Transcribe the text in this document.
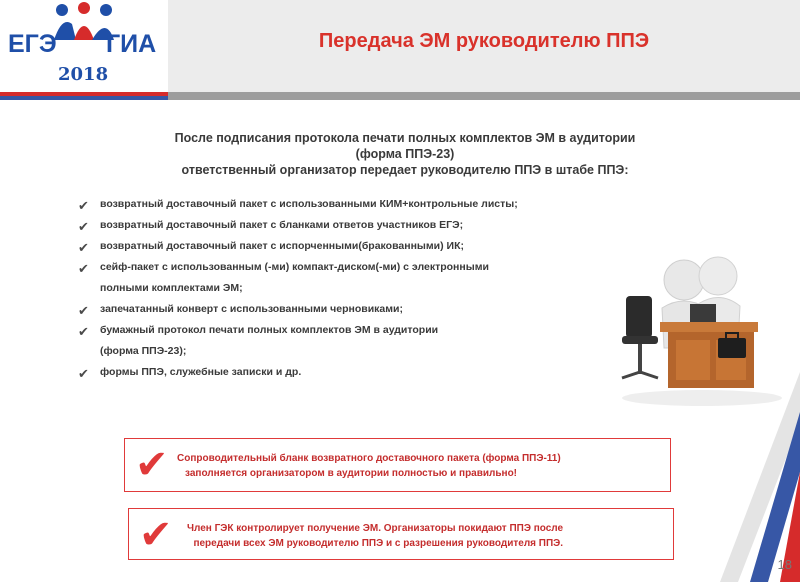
ЕГЭ ГИА
2018
Передача ЭМ руководителю ППЭ
После подписания протокола печати полных комплектов ЭМ в аудитории
(форма ППЭ-23)
ответственный организатор передает руководителю ППЭ в штабе ППЭ:
✔ возвратный доставочный пакет с использованными КИМ+контрольные листы;
✔ возвратный доставочный пакет с бланками ответов участников ЕГЭ;
✔ возвратный доставочный пакет с испорченными(бракованными) ИК;
✔ сейф-пакет с использованным (-ми) компакт-диском(-ми) с электронными
полными комплектами ЭМ;
✔ запечатанный конверт с использованными черновиками;
✔ бумажный протокол печати полных комплектов ЭМ в аудитории
(форма ППЭ-23);
✔ формы ППЭ, служебные записки и др.
✔ Сопроводительный бланк возвратного доставочного пакета (форма ППЭ-11)
заполняется организатором в аудитории полностью и правильно!
✔ Член ГЭК контролирует получение ЭМ. Организаторы покидают ППЭ после
передачи всех ЭМ руководителю ППЭ и с разрешения руководителя ППЭ.
18
